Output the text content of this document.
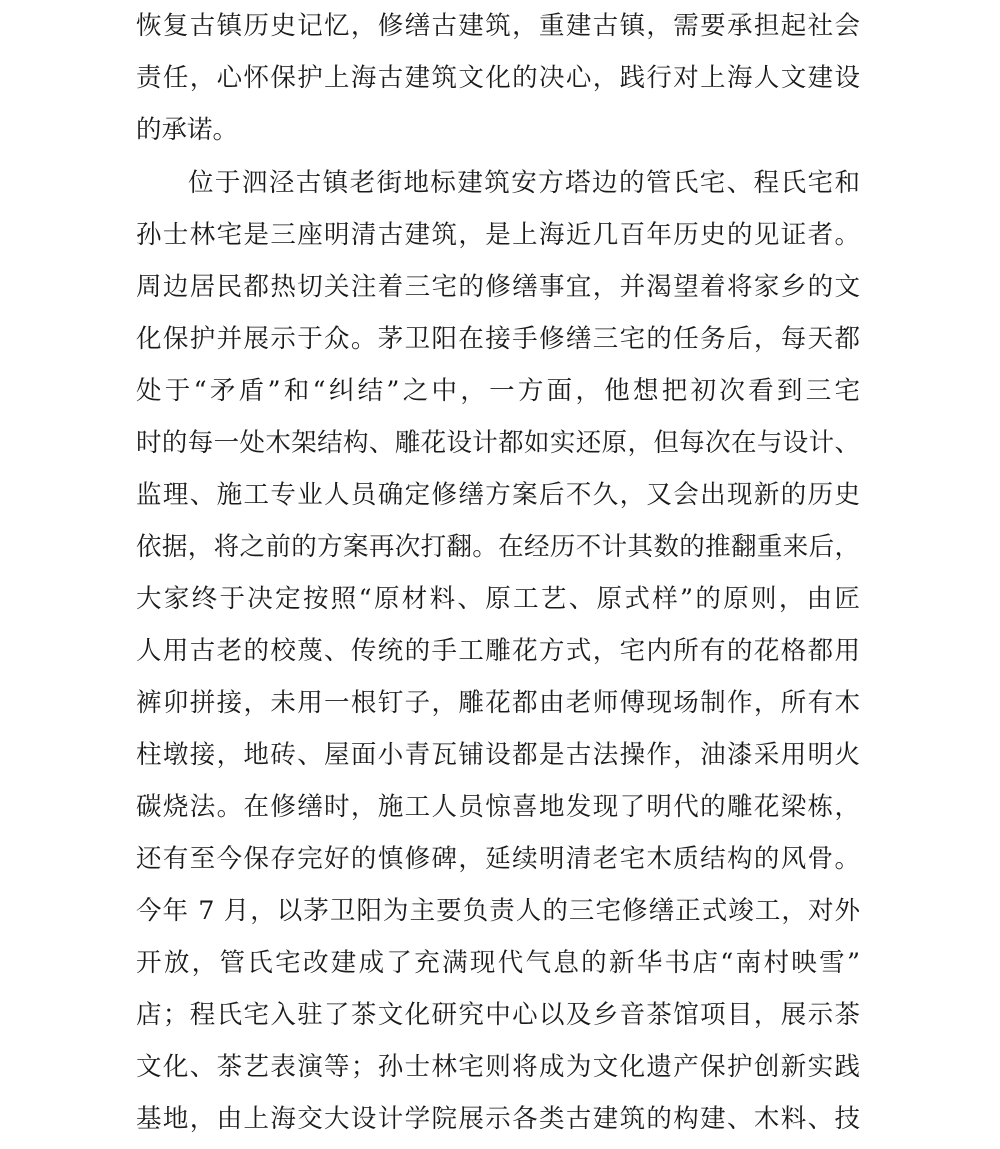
恢复古镇历史记忆，修缮古建筑，重建古镇，需要承担起社会
责任，心怀保护上海古建筑文化的决心，践行对上海人文建设
的承诺。
位于泗泾古镇老街地标建筑安方塔边的管氏宅、程氏宅和
孙士林宅是三座明清古建筑，是上海近几百年历史的见证者。
周边居民都热切关注着三宅的修缮事宜，并渴望着将家乡的文
化保护并展示于众。茅卫阳在接手修缮三宅的任务后，每天都
处于“矛盾”和“纠结”之中，一方面，他想把初次看到三宅
时的每一处木架结构、雕花设计都如实还原，但每次在与设计、
监理、施工专业人员确定修缮方案后不久，又会出现新的历史
依据，将之前的方案再次打翻。在经历不计其数的推翻重来后，
大家终于决定按照“原材料、原工艺、原式样”的原则，由匠
人用古老的校蔑、传统的手工雕花方式，宅内所有的花格都用
裤卯拼接，未用一根钉子，雕花都由老师傅现场制作，所有木
柱墩接，地砖、屋面小青瓦铺设都是古法操作，油漆采用明火
碳烧法。在修缮时，施工人员惊喜地发现了明代的雕花梁栋，
还有至今保存完好的慎修碑，延续明清老宅木质结构的风骨。
今年 7 月，以茅卫阳为主要负责人的三宅修缮正式竣工，对外
开放，管氏宅改建成了充满现代气息的新华书店“南村映雪”
店；程氏宅入驻了茶文化研究中心以及乡音茶馆项目，展示茶
文化、茶艺表演等；孙士林宅则将成为文化遗产保护创新实践
基地，由上海交大设计学院展示各类古建筑的构建、木料、技
